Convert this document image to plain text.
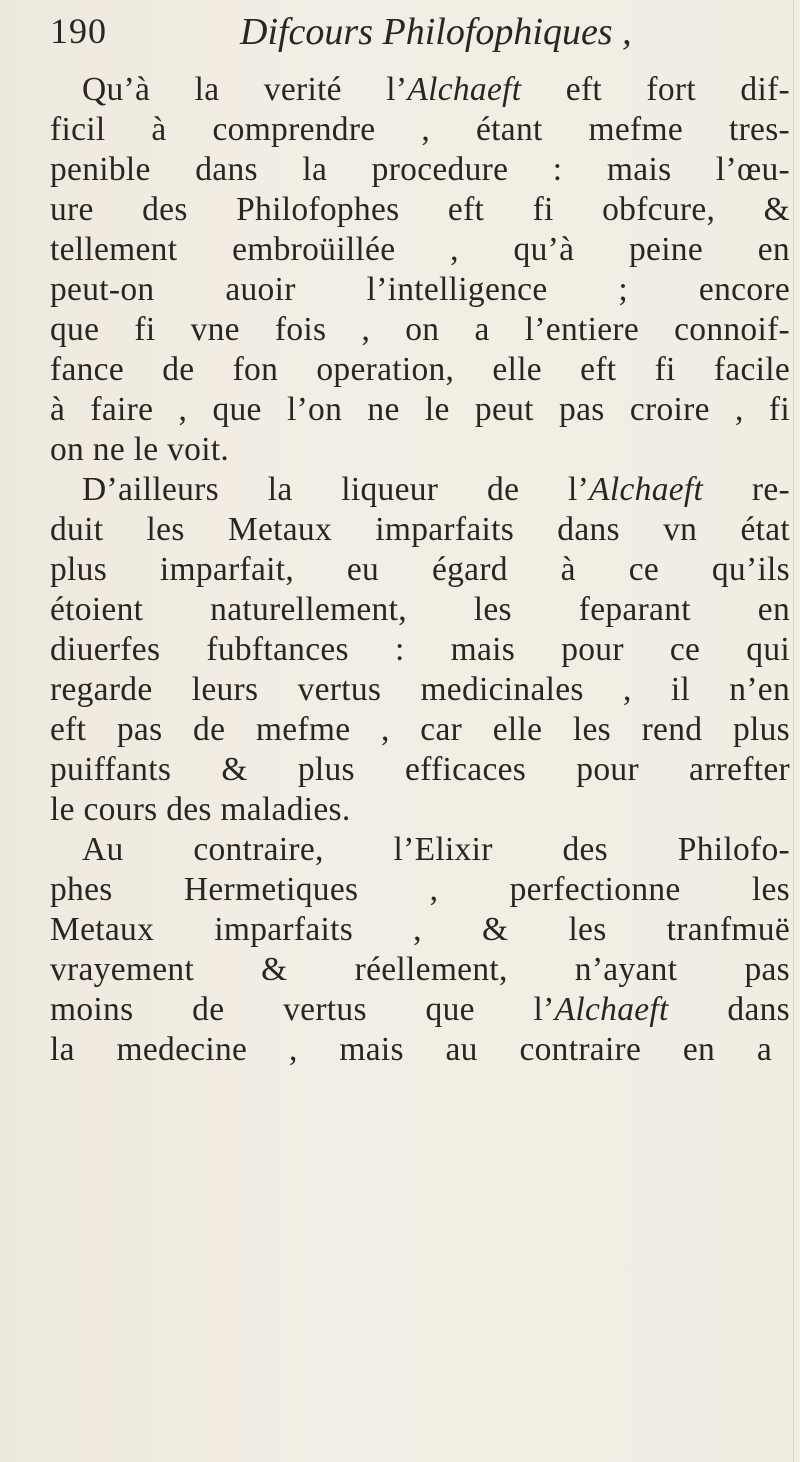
190	Difcours Philofophiques ,
Qu’à la verité l’Alchaeft eft fort dif-
ficil à comprendre , étant mefme tres-
penible dans la procedure : mais l’œu-
ure des Philofophes eft fi obfcure, &
tellement embroüillée , qu’à peine en
peut-on auoir l’intelligence ; encore
que fi vne fois , on a l’entiere connoif-
fance de fon operation, elle eft fi facile
à faire , que l’on ne le peut pas croire , fi
on ne le voit.
D’ailleurs la liqueur de l’Alchaeft re-
duit les Metaux imparfaits dans vn état
plus imparfait, eu égard à ce qu’ils
étoient naturellement, les feparant en
diuerfes fubftances : mais pour ce qui
regarde leurs vertus medicinales , il n’en
eft pas de mefme , car elle les rend plus
puiffants & plus efficaces pour arrefter
le cours des maladies.
Au contraire, l’Elixir des Philofo-
phes Hermetiques , perfectionne les
Metaux imparfaits , & les tranfmuë
vrayement & réellement, n’ayant pas
moins de vertus que l’Alchaeft dans
la medecine , mais au contraire en a
